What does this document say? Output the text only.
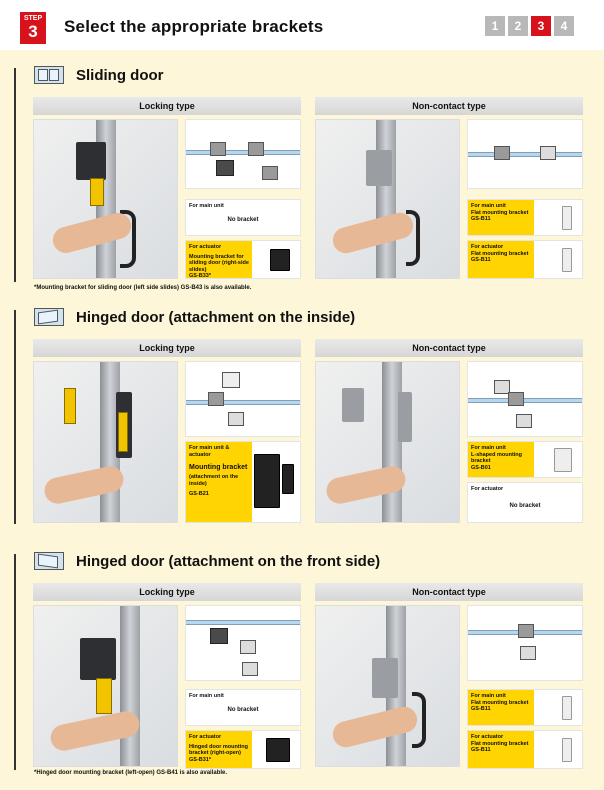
STEP
3	Select the appropriate brackets	1	2	3	4
Sliding door
Locking type
For main unit
No bracket
For actuator
Mounting bracket for sliding door (right-side slides)
GS-B33*
Non-contact type
For main unit
Flat mounting bracket
GS-B11
For actuator
Flat mounting bracket
GS-B11
*Mounting bracket for sliding door (left side slides) GS-B43 is also available.
Hinged door (attachment on the inside)
Locking type
For main unit & actuator
Mounting bracket
(attachment on the inside)
GS-B21
Non-contact type
For main unit
L-shaped mounting bracket
GS-B01
For actuator
No bracket
Hinged door (attachment on the front side)
Locking type
For main unit
No bracket
For actuator
Hinged door mounting bracket (right-open)
GS-B31*
Non-contact type
For main unit
Flat mounting bracket
GS-B11
For actuator
Flat mounting bracket
GS-B11
*Hinged door mounting bracket (left-open) GS-B41 is also available.
